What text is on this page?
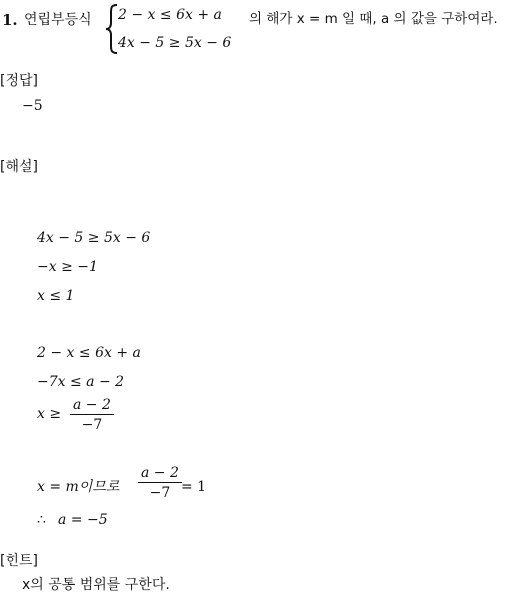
1. 연립부등식 2 − x ≤ 6x + a
4x − 5 ≥ 5x − 6
의 해가 x = m 일 때, a 의 값을 구하여라.
[정답]
−5
[해설]
4x − 5 ≥ 5x − 6
−x ≥ −1
x ≤ 1
2 − x ≤ 6x + a
−7x ≤ a − 2
x ≥
a − 2
−7
x = m이므로
a − 2
−7 = 1
∴ a = −5
[힌트]
x의 공통 범위를 구한다.
